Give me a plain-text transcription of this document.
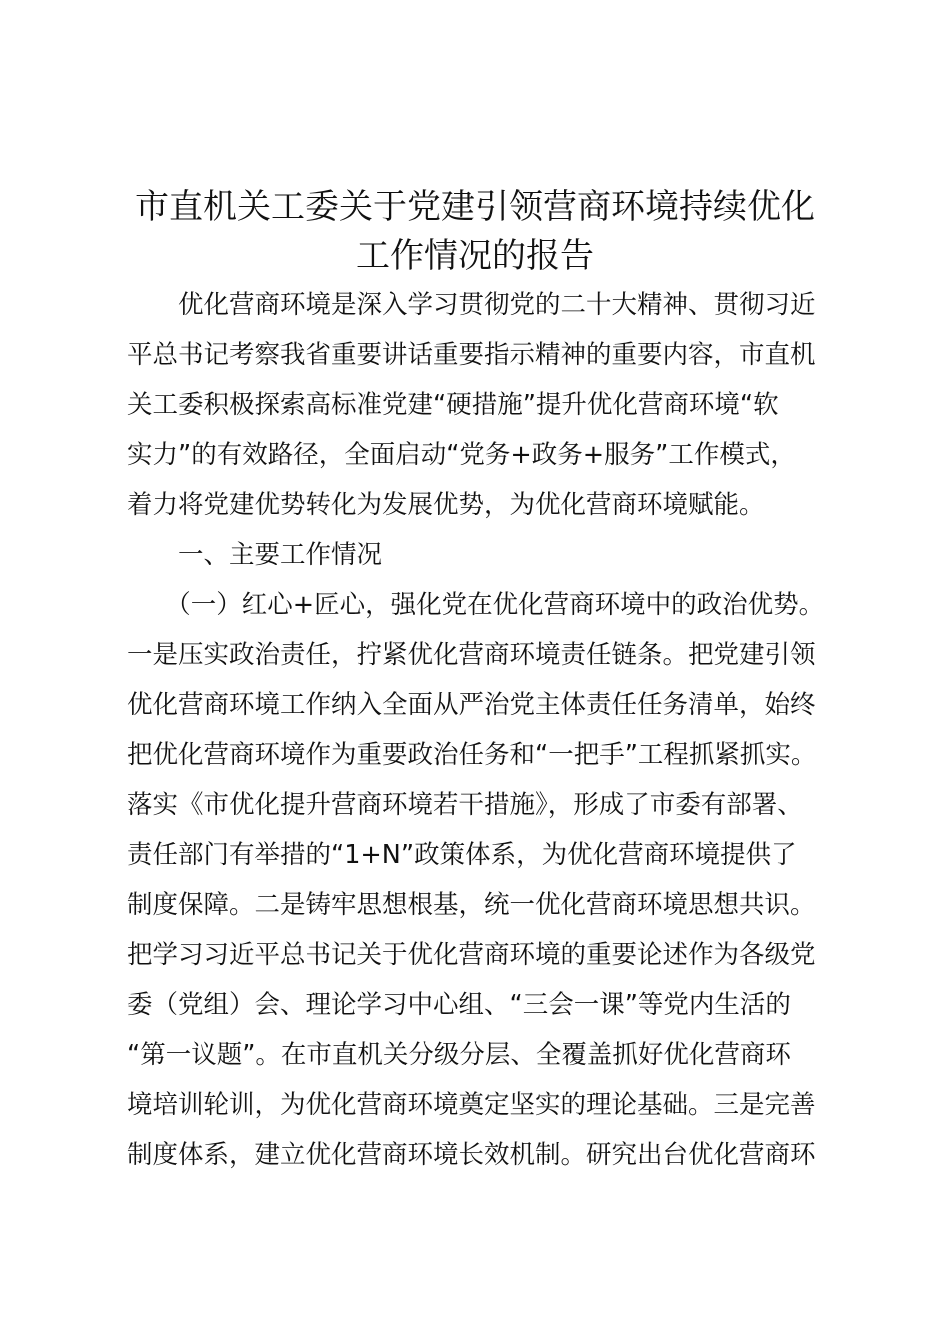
市直机关工委关于党建引领营商环境持续优化
工作情况的报告

　　优化营商环境是深入学习贯彻党的二十大精神、贯彻习近

平总书记考察我省重要讲话重要指示精神的重要内容，市直机

关工委积极探索高标准党建“硬措施”提升优化营商环境“软

实力”的有效路径，全面启动“党务+政务+服务”工作模式，

着力将党建优势转化为发展优势，为优化营商环境赋能。

　　一、主要工作情况

　　（一）红心+匠心，强化党在优化营商环境中的政治优势。

一是压实政治责任，拧紧优化营商环境责任链条。把党建引领

优化营商环境工作纳入全面从严治党主体责任任务清单，始终

把优化营商环境作为重要政治任务和“一把手”工程抓紧抓实。

落实《市优化提升营商环境若干措施》，形成了市委有部署、

责任部门有举措的“1+N”政策体系，为优化营商环境提供了

制度保障。二是铸牢思想根基，统一优化营商环境思想共识。

把学习习近平总书记关于优化营商环境的重要论述作为各级党

委（党组）会、理论学习中心组、“三会一课”等党内生活的

“第一议题”。在市直机关分级分层、全覆盖抓好优化营商环

境培训轮训，为优化营商环境奠定坚实的理论基础。三是完善

制度体系，建立优化营商环境长效机制。研究出台优化营商环
